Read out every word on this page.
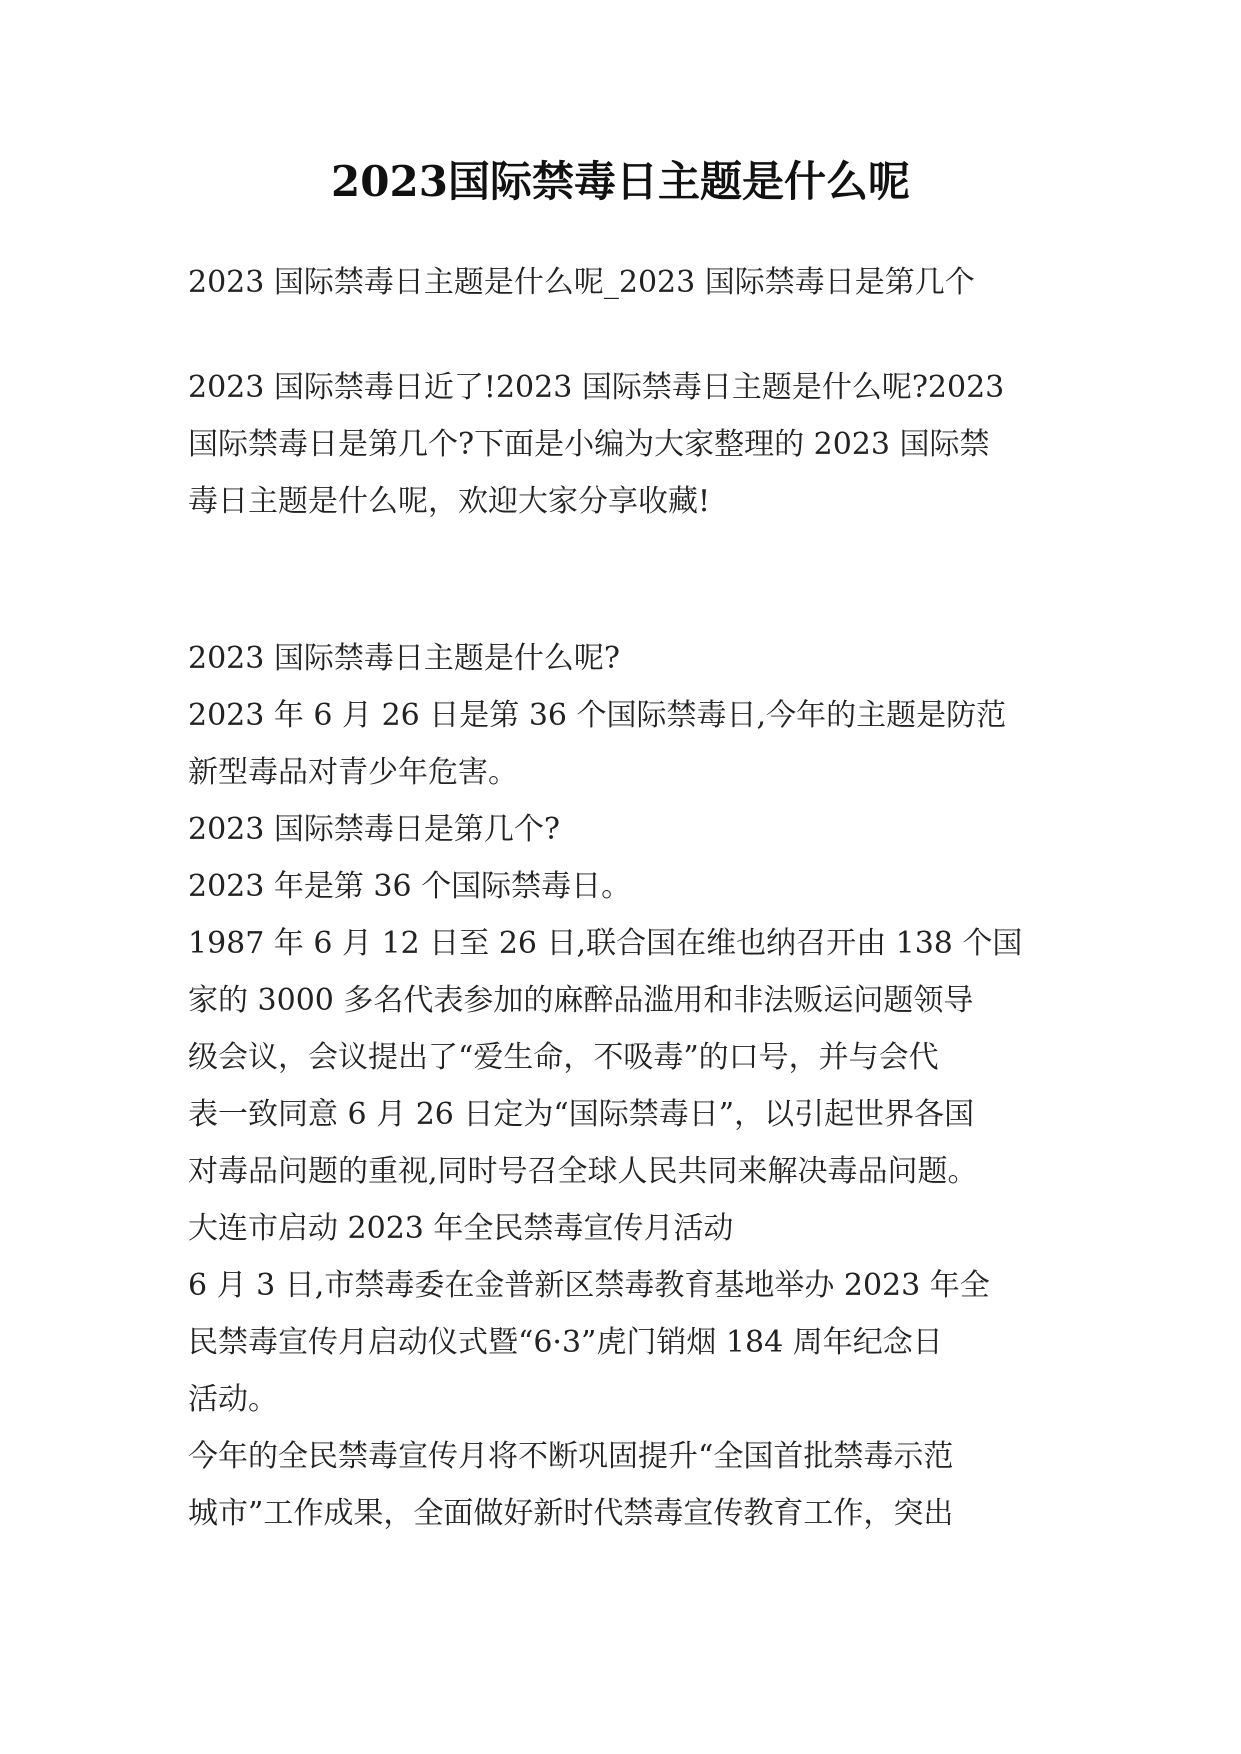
2023国际禁毒日主题是什么呢
2023 国际禁毒日主题是什么呢_2023 国际禁毒日是第几个
2023 国际禁毒日近了!2023 国际禁毒日主题是什么呢?2023
国际禁毒日是第几个?下面是小编为大家整理的 2023 国际禁
毒日主题是什么呢，欢迎大家分享收藏!
2023 国际禁毒日主题是什么呢?
2023 年 6 月 26 日是第 36 个国际禁毒日,今年的主题是防范
新型毒品对青少年危害。
2023 国际禁毒日是第几个?
2023 年是第 36 个国际禁毒日。
1987 年 6 月 12 日至 26 日,联合国在维也纳召开由 138 个国
家的 3000 多名代表参加的麻醉品滥用和非法贩运问题领导
级会议，会议提出了“爱生命，不吸毒”的口号，并与会代
表一致同意 6 月 26 日定为“国际禁毒日”，以引起世界各国
对毒品问题的重视,同时号召全球人民共同来解决毒品问题。
大连市启动 2023 年全民禁毒宣传月活动
6 月 3 日,市禁毒委在金普新区禁毒教育基地举办 2023 年全
民禁毒宣传月启动仪式暨“6·3”虎门销烟 184 周年纪念日
活动。
今年的全民禁毒宣传月将不断巩固提升“全国首批禁毒示范
城市”工作成果，全面做好新时代禁毒宣传教育工作，突出
